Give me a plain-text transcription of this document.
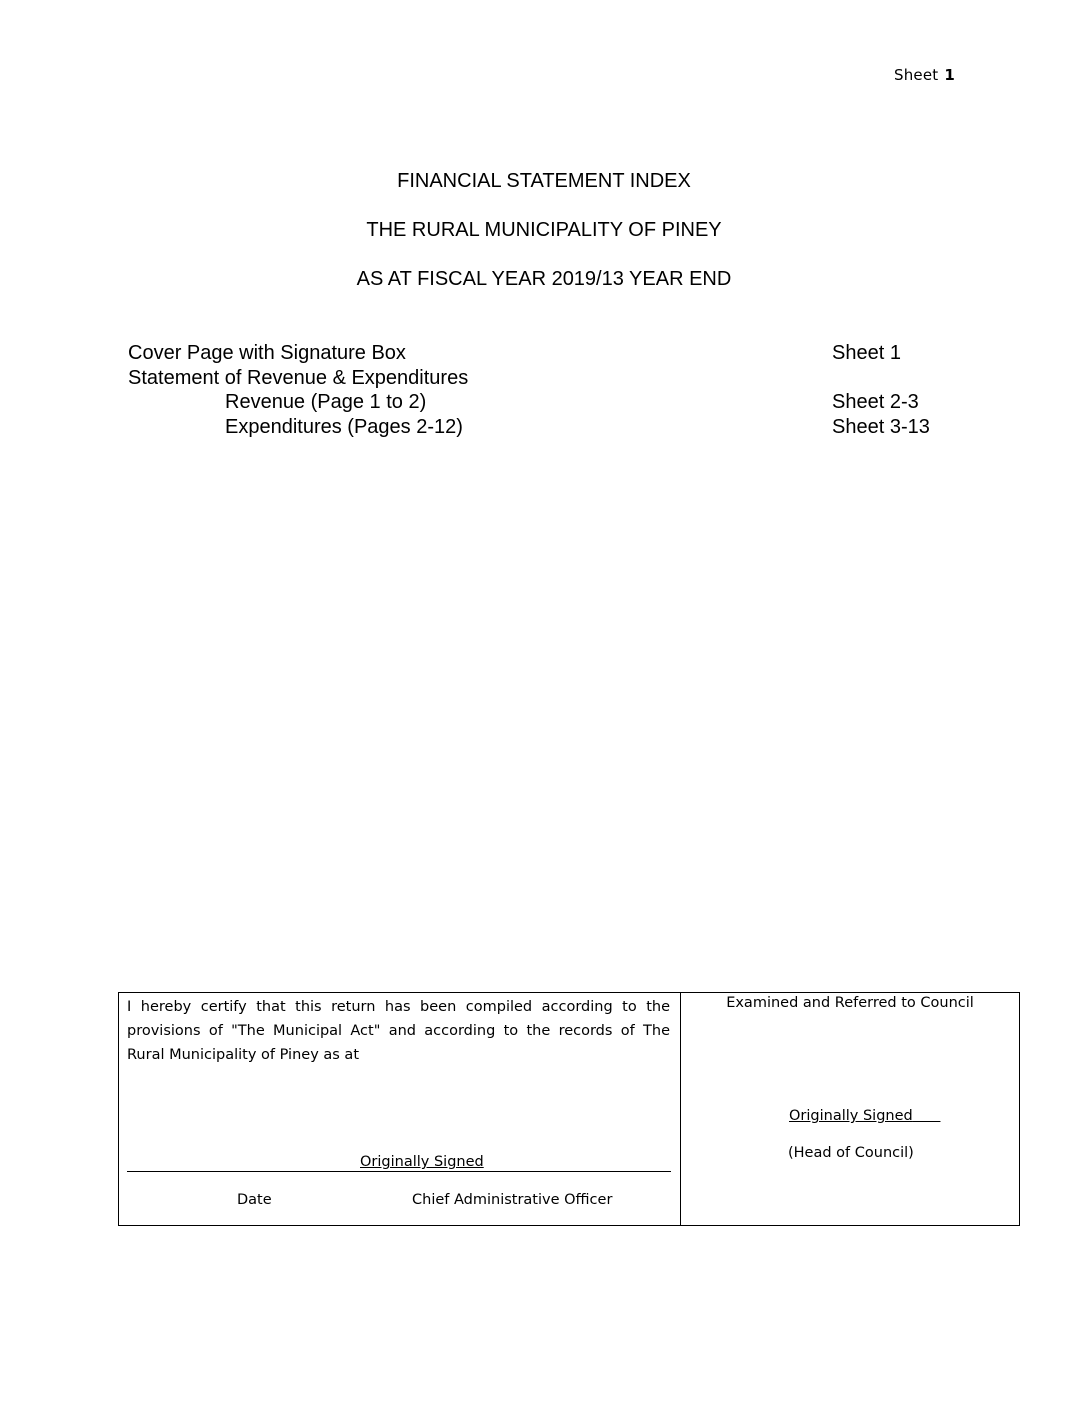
Sheet 1
FINANCIAL STATEMENT INDEX
THE RURAL MUNICIPALITY OF PINEY
AS AT FISCAL YEAR 2019/13 YEAR END
Cover Page with Signature Box	Sheet 1
Statement of Revenue & Expenditures
Revenue (Page 1 to 2)	Sheet 2-3
Expenditures (Pages 2-12)	Sheet 3-13
I hereby certify that this return has been compiled according to the provisions of "The Municipal Act" and according to the records of The Rural Municipality of Piney as at
Originally Signed
Date	Chief Administrative Officer
Examined and Referred to Council
Originally Signed
(Head of Council)
